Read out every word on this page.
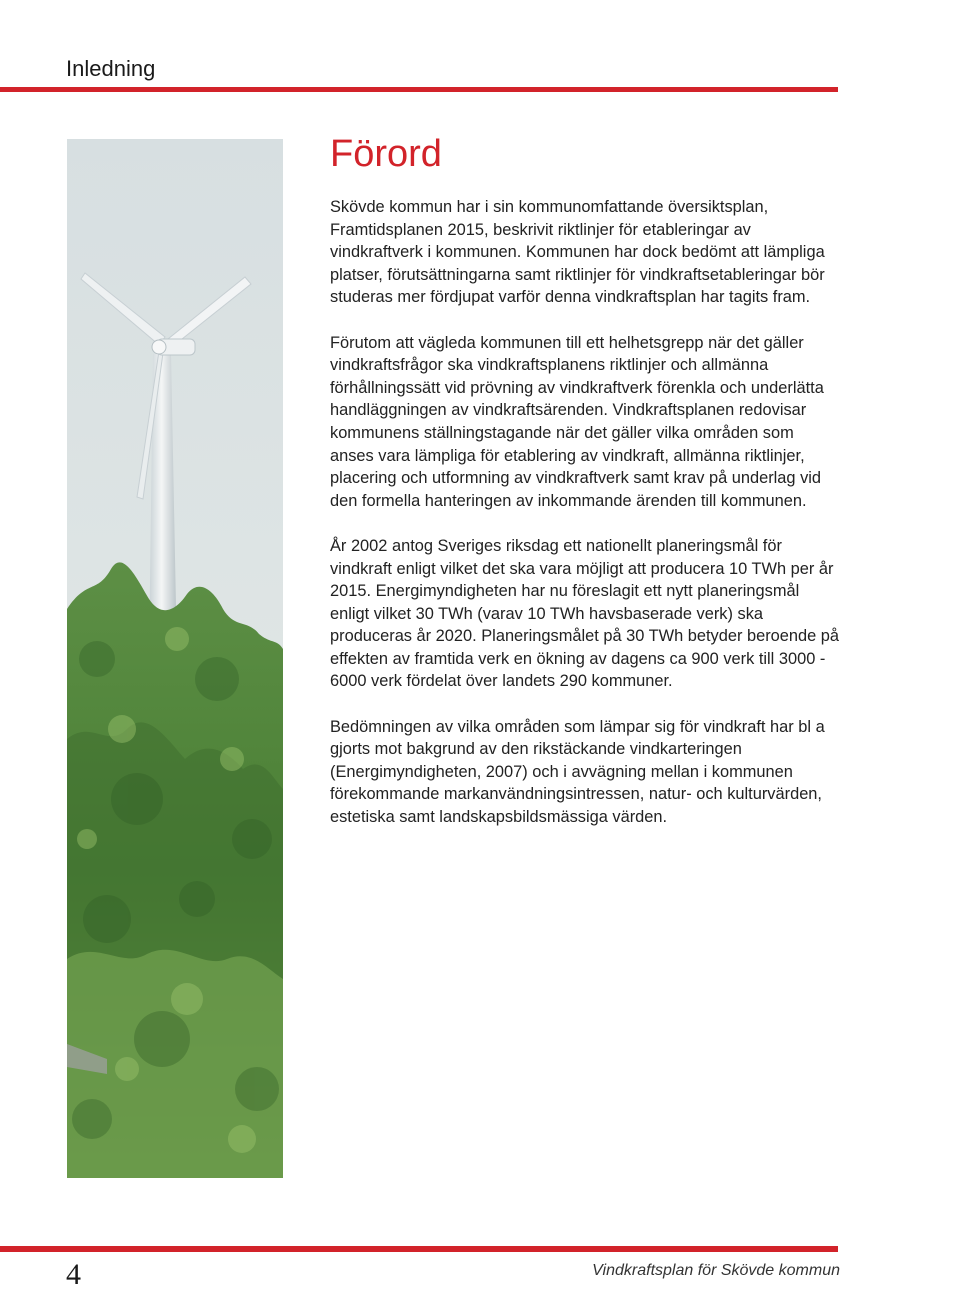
Inledning
Förord

Skövde kommun har i sin kommunomfattande översiktsplan, Framtidsplanen 2015, beskrivit riktlinjer för etableringar av vindkraftverk i kommunen. Kommunen har dock bedömt att lämpliga platser, förutsättningarna samt riktlinjer för vindkraftsetableringar bör studeras mer fördjupat varför denna vindkraftsplan har tagits fram.

Förutom att vägleda kommunen till ett helhetsgrepp när det gäller vindkraftsfrågor ska vindkraftsplanens riktlinjer och allmänna förhållningssätt vid prövning av vindkraftverk förenkla och underlätta handläggningen av vindkraftsärenden. Vindkraftsplanen redovisar kommunens ställningstagande när det gäller vilka områden som anses vara lämpliga för etablering av vindkraft, allmänna riktlinjer, placering och utformning av vindkraftverk samt krav på underlag vid den formella hanteringen av inkommande ärenden till kommunen.

År 2002 antog Sveriges riksdag ett nationellt planeringsmål för vindkraft enligt vilket det ska vara möjligt att producera 10 TWh per år 2015. Energimyndigheten har nu föreslagit ett nytt planeringsmål enligt vilket 30 TWh (varav 10 TWh havsbaserade verk) ska produceras år 2020. Planeringsmålet på 30 TWh betyder beroende på effekten av framtida verk en ökning av dagens ca 900 verk till 3000 - 6000 verk fördelat över landets 290 kommuner.

Bedömningen av vilka områden som lämpar sig för vindkraft har bl a gjorts mot bakgrund av den rikstäckande vindkarteringen (Energimyndigheten, 2007) och i avvägning mellan i kommunen förekommande markanvändningsintressen, natur- och kulturvärden, estetiska samt landskapsbildsmässiga värden.

4	Vindkraftsplan för Skövde kommun
